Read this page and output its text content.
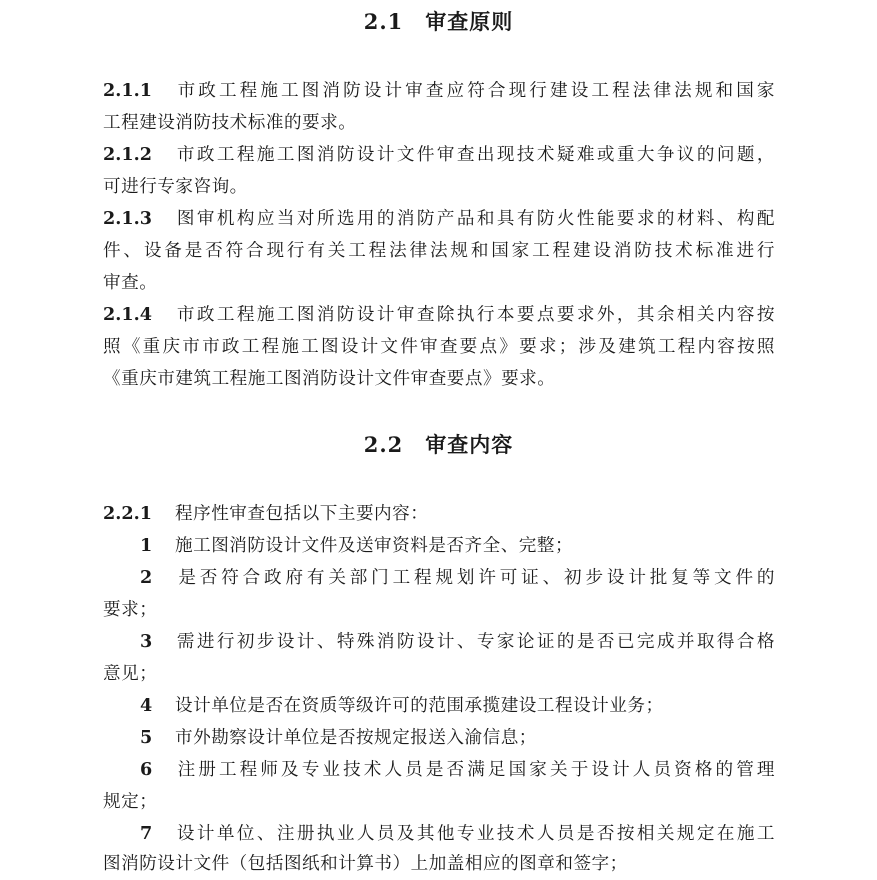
2.1 审查原则
2.1.1 市政工程施工图消防设计审查应符合现行建设工程法律法规和国家
工程建设消防技术标准的要求。
2.1.2 市政工程施工图消防设计文件审查出现技术疑难或重大争议的问题，
可进行专家咨询。
2.1.3 图审机构应当对所选用的消防产品和具有防火性能要求的材料、构配
件、设备是否符合现行有关工程法律法规和国家工程建设消防技术标准进行
审查。
2.1.4 市政工程施工图消防设计审查除执行本要点要求外，其余相关内容按
照《重庆市市政工程施工图设计文件审查要点》要求；涉及建筑工程内容按照
《重庆市建筑工程施工图消防设计文件审查要点》要求。
2.2 审查内容
2.2.1 程序性审查包括以下主要内容：
1 施工图消防设计文件及送审资料是否齐全、完整；
2 是否符合政府有关部门工程规划许可证、初步设计批复等文件的
要求；
3 需进行初步设计、特殊消防设计、专家论证的是否已完成并取得合格
意见；
4 设计单位是否在资质等级许可的范围承揽建设工程设计业务；
5 市外勘察设计单位是否按规定报送入渝信息；
6 注册工程师及专业技术人员是否满足国家关于设计人员资格的管理
规定；
7 设计单位、注册执业人员及其他专业技术人员是否按相关规定在施工
图消防设计文件（包括图纸和计算书）上加盖相应的图章和签字；
